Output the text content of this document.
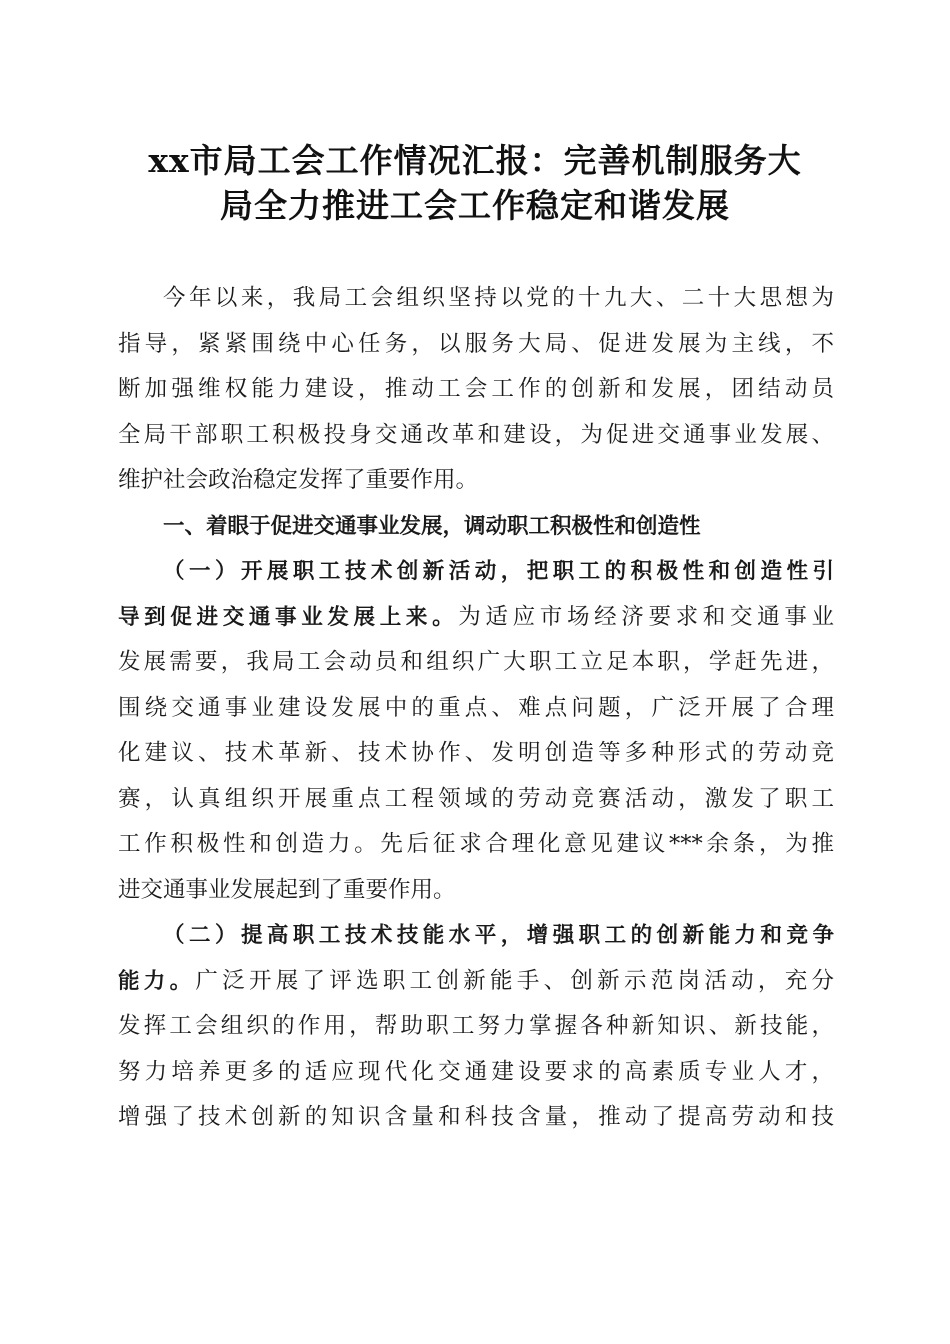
xx市局工会工作情况汇报：完善机制服务大
局全力推进工会工作稳定和谐发展
今年以来，我局工会组织坚持以党的十九大、二十大思想为
指导，紧紧围绕中心任务，以服务大局、促进发展为主线，不
断加强维权能力建设，推动工会工作的创新和发展，团结动员
全局干部职工积极投身交通改革和建设，为促进交通事业发展、
维护社会政治稳定发挥了重要作用。
一、着眼于促进交通事业发展，调动职工积极性和创造性
（一）开展职工技术创新活动，把职工的积极性和创造性引
导到促进交通事业发展上来。为适应市场经济要求和交通事业
发展需要，我局工会动员和组织广大职工立足本职，学赶先进，
围绕交通事业建设发展中的重点、难点问题，广泛开展了合理
化建议、技术革新、技术协作、发明创造等多种形式的劳动竞
赛，认真组织开展重点工程领域的劳动竞赛活动，激发了职工
工作积极性和创造力。先后征求合理化意见建议***余条，为推
进交通事业发展起到了重要作用。
（二）提高职工技术技能水平，增强职工的创新能力和竞争
能力。广泛开展了评选职工创新能手、创新示范岗活动，充分
发挥工会组织的作用，帮助职工努力掌握各种新知识、新技能，
努力培养更多的适应现代化交通建设要求的高素质专业人才，
增强了技术创新的知识含量和科技含量，推动了提高劳动和技
